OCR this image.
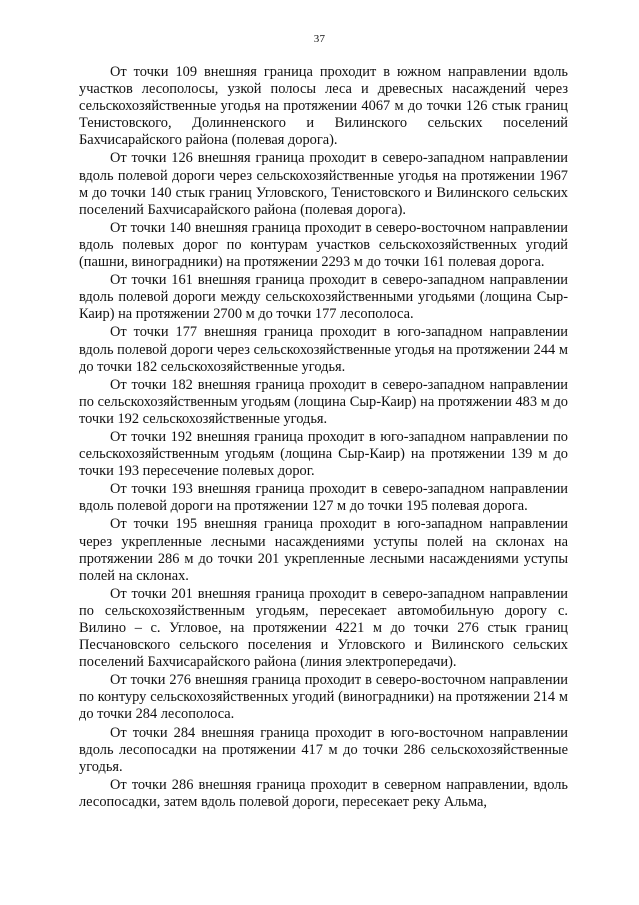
37

От точки 109 внешняя граница проходит в южном направлении вдоль участков лесополосы, узкой полосы леса и древесных насаждений через сельскохозяйственные угодья на протяжении 4067 м до точки 126 стык границ Тенистовского, Долинненского и Вилинского сельских поселений Бахчисарайского района (полевая дорога).

От точки 126 внешняя граница проходит в северо-западном направлении вдоль полевой дороги через сельскохозяйственные угодья на протяжении 1967 м до точки 140 стык границ Угловского, Тенистовского и Вилинского сельских поселений Бахчисарайского района (полевая дорога).

От точки 140 внешняя граница проходит в северо-восточном направлении вдоль полевых дорог по контурам участков сельскохозяйственных угодий (пашни, виноградники) на протяжении 2293 м до точки 161 полевая дорога.

От точки 161 внешняя граница проходит в северо-западном направлении вдоль полевой дороги между сельскохозяйственными угодьями (лощина Сыр-Каир) на протяжении 2700 м до точки 177 лесополоса.

От точки 177 внешняя граница проходит в юго-западном направлении вдоль полевой дороги через сельскохозяйственные угодья на протяжении 244 м до точки 182 сельскохозяйственные угодья.

От точки 182 внешняя граница проходит в северо-западном направлении по сельскохозяйственным угодьям (лощина Сыр-Каир) на протяжении 483 м до точки 192 сельскохозяйственные угодья.

От точки 192 внешняя граница проходит в юго-западном направлении по сельскохозяйственным угодьям (лощина Сыр-Каир) на протяжении 139 м до точки 193 пересечение полевых дорог.

От точки 193 внешняя граница проходит в северо-западном направлении вдоль полевой дороги на протяжении 127 м до точки 195 полевая дорога.

От точки 195 внешняя граница проходит в юго-западном направлении через укрепленные лесными насаждениями уступы полей на склонах на протяжении 286 м до точки 201 укрепленные лесными насаждениями уступы полей на склонах.

От точки 201 внешняя граница проходит в северо-западном направлении по сельскохозяйственным угодьям, пересекает автомобильную дорогу с. Вилино – с. Угловое, на протяжении 4221 м до точки 276 стык границ Песчановского сельского поселения и Угловского и Вилинского сельских поселений Бахчисарайского района (линия электропередачи).

От точки 276 внешняя граница проходит в северо-восточном направлении по контуру сельскохозяйственных угодий (виноградники) на протяжении 214 м до точки 284 лесополоса.

От точки 284 внешняя граница проходит в юго-восточном направлении вдоль лесопосадки на протяжении 417 м до точки 286 сельскохозяйственные угодья.

От точки 286 внешняя граница проходит в северном направлении, вдоль лесопосадки, затем вдоль полевой дороги, пересекает реку Альма,
